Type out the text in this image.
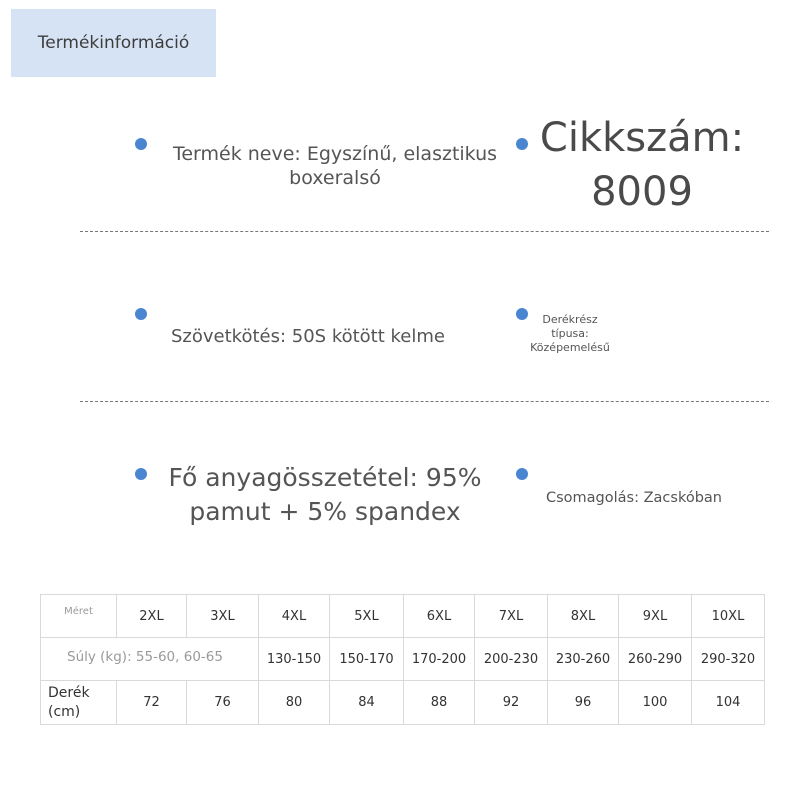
Termékinformáció
Termék neve: Egyszínű, elasztikus boxeralsó
Cikkszám: 8009
Szövetkötés: 50S kötött kelme
Derékrész típusa: Középemelésű
Fő anyagösszetétel: 95% pamut + 5% spandex	Csomagolás: Zacskóban
$^{Méret}$	2XL	3XL	4XL	5XL	6XL	7XL	8XL	9XL	10XL
Súly (kg): 55-60, 60-65			130-150	150-170	170-200	200-230	230-260	260-290	290-320
Derék (cm)	72	76	80	84	88	92	96	100	104
